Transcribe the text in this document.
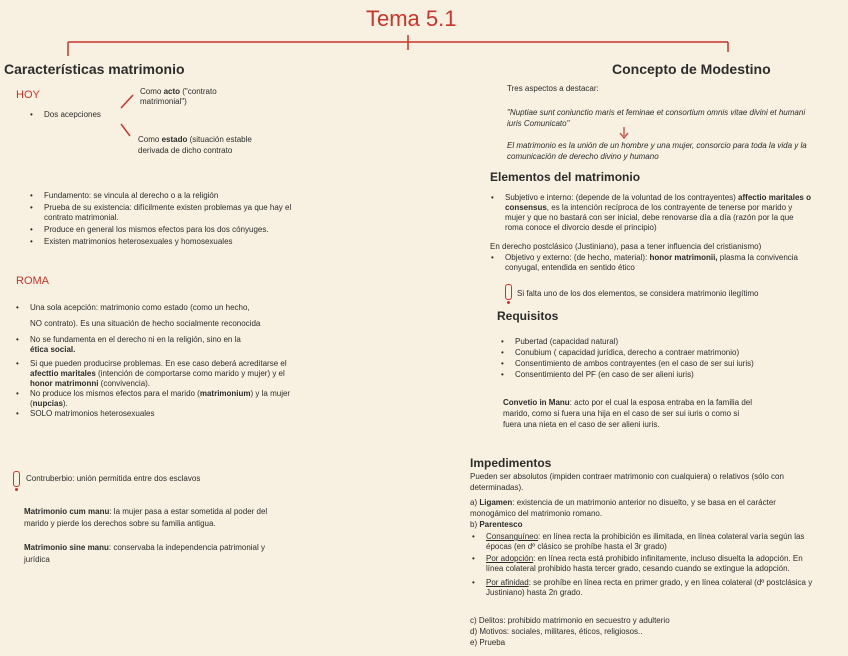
Tema 5.1
Características matrimonio
HOY
• Dos acepciones
Como acto ("contrato matrimonial")
Como estado (situación estable derivada de dicho contrato
• Fundamento: se vincula al derecho o a la religión
• Prueba de su existencia: difícilmente existen problemas ya que hay el contrato matrimonial.
• Produce en general los mismos efectos para los dos cónyuges.
• Existen matrimonios heterosexuales y homosexuales
ROMA
• Una sola acepción: matrimonio como estado (como un hecho,
NO contrato). Es una situación de hecho socialmente reconocida
• No se fundamenta en el derecho ni en la religión, sino en la
ética social.
• Si que pueden producirse problemas. En ese caso deberá acreditarse el afecttio maritales (intención de comportarse como marido y mujer) y el honor matrimonni (convivencia).
• No produce los mismos efectos para el marido (matrimonium) y la mujer (nupcias).
• SOLO matrimonios heterosexuales
Contruberbio: unión permitida entre dos esclavos
Matrimonio cum manu: la mujer pasa a estar sometida al poder del marido y pierde los derechos sobre su familia antigua.
Matrimonio sine manu: conservaba la independencia patrimonial y jurídica
Concepto de Modestino
Tres aspectos a destacar:
"Nuptiae sunt coniunctio maris et feminae et consortium omnis vitae divini et humani iuris Comunicato"
El matrimonio es la unión de un hombre y una mujer, consorcio para toda la vida y la comunicación de derecho divino y humano
Elementos del matrimonio
• Subjetivo e interno: (depende de la voluntad de los contrayentes) affectio maritales o consensus, es la intención recíproca de los contrayente de tenerse por marido y mujer y que no bastará con ser inicial, debe renovarse día a día (razón por la que roma conoce el divorcio desde el principio)
En derecho postclásico (Justiniano), pasa a tener influencia del cristianismo)
• Objetivo y externo: (de hecho, material): honor matrimonii, plasma la convivencia conyugal, entendida en sentido ético
Si falta uno de los dos elementos, se considera matrimonio ilegítimo
Requisitos
• Pubertad (capacidad natural)
• Conubium ( capacidad jurídica, derecho a contraer matrimonio)
• Consentimiento de ambos contrayentes (en el caso de ser sui iuris)
• Consentimiento del PF (en caso de ser alieni iuris)
Convetio in Manu: acto por el cual la esposa entraba en la familia del marido, como si fuera una hija en el caso de ser sui iuris o como si fuera una nieta en el caso de ser alieni iuris.
Impedimentos
Pueden ser absolutos (impiden contraer matrimonio con cualquiera) o relativos (sólo con determinadas).
a) Ligamen: existencia de un matrimonio anterior no disuelto, y se basa en el carácter monogámico del matrimonio romano.
b) Parentesco
• Consanguíneo: en línea recta la prohibición es ilimitada, en línea colateral varía según las épocas (en dº clásico se prohíbe hasta el 3r grado)
• Por adopción: en línea recta está prohibido infinitamente, incluso disuelta la adopción. En línea colateral prohibido hasta tercer grado, cesando cuando se extingue la adopción.
• Por afinidad: se prohíbe en línea recta en primer grado, y en línea colateral (dº postclásica y Justiniano) hasta 2n grado.
c) Delitos: prohibido matrimonio en secuestro y adulterio
d) Motivos: sociales, militares, éticos, religiosos..
e) Prueba
